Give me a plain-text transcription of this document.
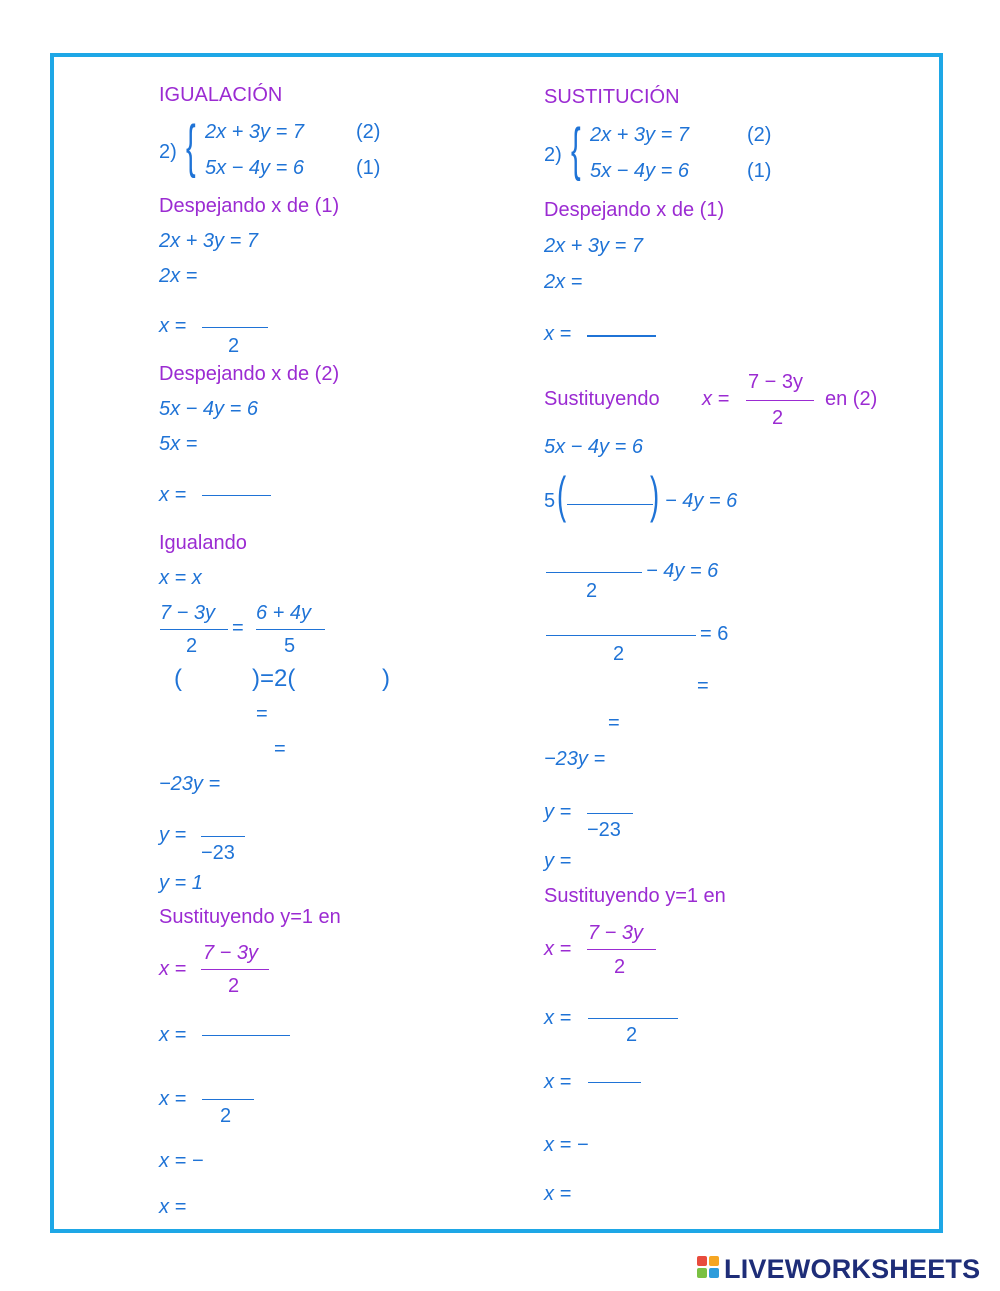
IGUALACIÓN
2) { 2x + 3y = 7	(2)
5x − 4y = 6	(1)
Despejando x de (1)
2x + 3y = 7
2x =
x =
2
Despejando x de (2)
5x − 4y = 6
5x =
x =
Igualando
x = x
7 − 3y
2
=
6 + 4y
5
(	)=2(	)
=
=
−23y =
y =
−23
y = 1
Sustituyendo y=1 en
x =
7 − 3y
2
x =
x =
2
x = −
x =
SUSTITUCIÓN
2) { 2x + 3y = 7	(2)
5x − 4y = 6	(1)
Despejando x de (1)
2x + 3y = 7
2x =
x =
Sustituyendo x =
7 − 3y
2
en (2)
5x − 4y = 6
5 ( ) − 4y = 6
2
− 4y = 6
2
= 6
=
=
−23y =
y =
−23
y =
Sustituyendo y=1 en
x =
7 − 3y
2
x =
2
x =
x = −
x =
LIVEWORKSHEETS
